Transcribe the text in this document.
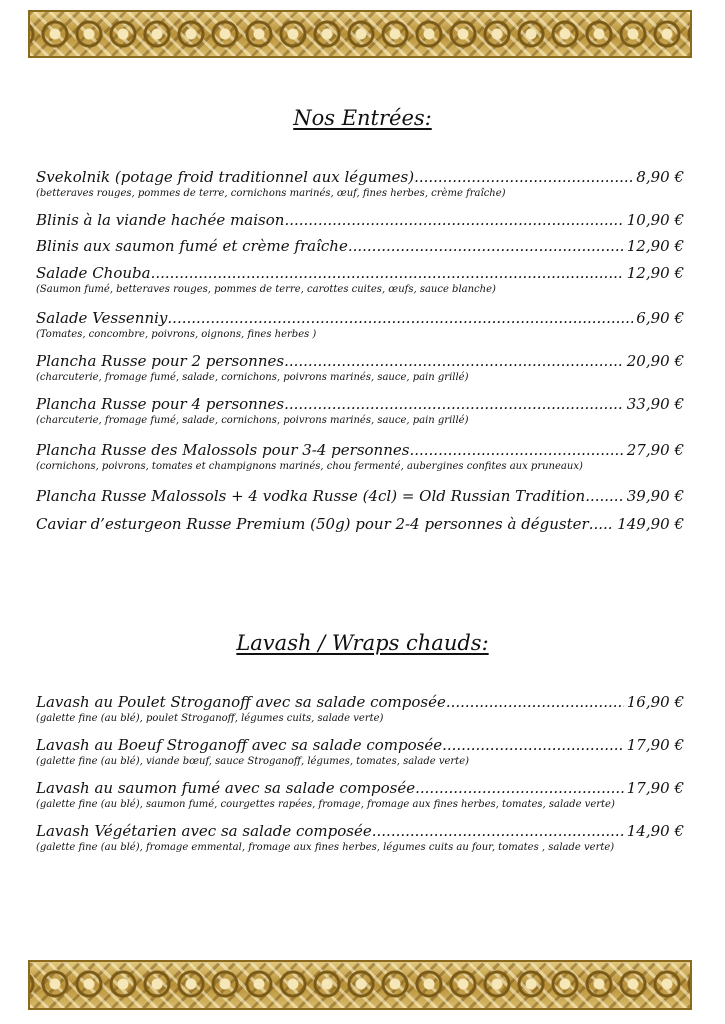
Nos Entrées:
Svekolnik (potage froid traditionnel aux légumes) .....	8,90 €
(betteraves rouges, pommes de terre, cornichons marinés, œuf, fines herbes, crème fraîche)
Blinis à la viande hachée maison .....	10,90 €
Blinis aux saumon fumé et crème fraîche .....	12,90 €
Salade Chouba .....	12,90 €
(Saumon fumé, betteraves rouges, pommes de terre, carottes cuites, œufs, sauce blanche)
Salade Vessenniy .....	6,90 €
(Tomates, concombre, poivrons, oignons, fines herbes )
Plancha Russe pour 2 personnes .....	20,90 €
(charcuterie, fromage fumé, salade, cornichons, poivrons marinés, sauce, pain grillé)
Plancha Russe pour 4 personnes .....	33,90 €
(charcuterie, fromage fumé, salade, cornichons, poivrons marinés, sauce, pain grillé)
Plancha Russe des Malossols pour 3-4 personnes .....	27,90 €
(cornichons, poivrons, tomates et champignons marinés, chou fermenté, aubergines confites aux pruneaux)
Plancha Russe Malossols + 4 vodka Russe (4cl) = Old Russian Tradition .....	39,90 €
Caviar d’esturgeon Russe Premium (50g) pour 2-4 personnes à déguster ..... 149,90 €
Lavash / Wraps chauds:
Lavash au Poulet Stroganoff avec sa salade composée .....	16,90 €
(galette fine (au blé), poulet Stroganoff, légumes cuits, salade verte)
Lavash au Boeuf Stroganoff avec sa salade composée .....	17,90 €
(galette fine (au blé), viande bœuf, sauce Stroganoff, légumes, tomates, salade verte)
Lavash au saumon fumé avec sa salade composée .....	17,90 €
(galette fine (au blé), saumon fumé, courgettes rapées, fromage, fromage aux fines herbes, tomates, salade verte)
Lavash Végétarien avec sa salade composée .....	14,90 €
(galette fine (au blé), fromage emmental, fromage aux fines herbes, légumes cuits au four, tomates , salade verte)
